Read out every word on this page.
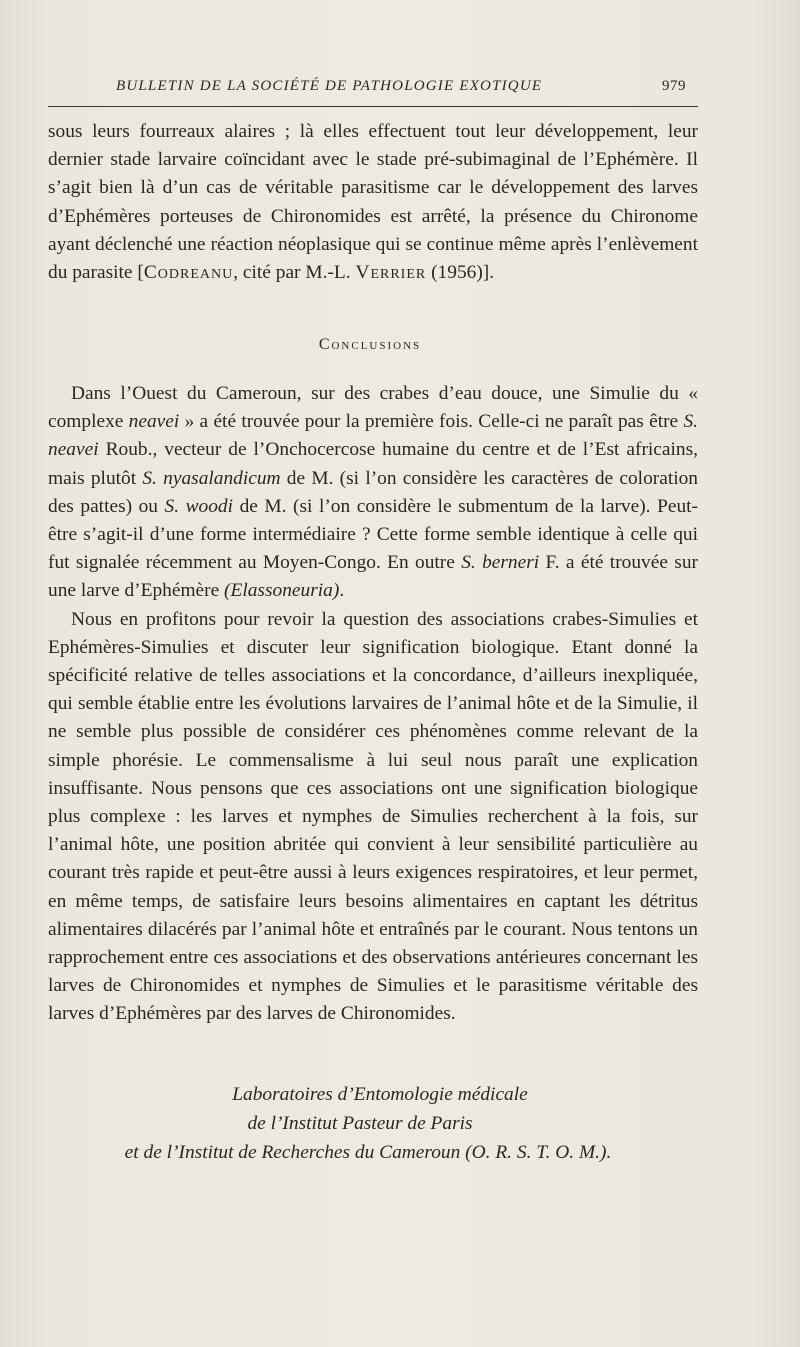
BULLETIN DE LA SOCIÉTÉ DE PATHOLOGIE EXOTIQUE	979

sous leurs fourreaux alaires ; là elles effectuent tout leur développement, leur dernier stade larvaire coïncidant avec le stade pré-subimaginal de l’Ephémère. Il s’agit bien là d’un cas de véritable parasitisme car le développement des larves d’Ephémères porteuses de Chironomides est arrêté, la présence du Chironome ayant déclenché une réaction néoplasique qui se continue même après l’enlèvement du parasite [Codreanu, cité par M.-L. Verrier (1956)].

Conclusions

Dans l’Ouest du Cameroun, sur des crabes d’eau douce, une Simulie du « complexe neavei » a été trouvée pour la première fois. Celle-ci ne paraît pas être S. neavei Roub., vecteur de l’Onchocercose humaine du centre et de l’Est africains, mais plutôt S. nyasalandicum de M. (si l’on considère les caractères de coloration des pattes) ou S. woodi de M. (si l’on considère le submentum de la larve). Peut-être s’agit-il d’une forme intermédiaire ? Cette forme semble identique à celle qui fut signalée récemment au Moyen-Congo. En outre S. berneri F. a été trouvée sur une larve d’Ephémère (Elassoneuria).

Nous en profitons pour revoir la question des associations crabes-Simulies et Ephémères-Simulies et discuter leur signification biologique. Etant donné la spécificité relative de telles associations et la concordance, d’ailleurs inexpliquée, qui semble établie entre les évolutions larvaires de l’animal hôte et de la Simulie, il ne semble plus possible de considérer ces phénomènes comme relevant de la simple phorésie. Le commensalisme à lui seul nous paraît une explication insuffisante. Nous pensons que ces associations ont une signification biologique plus complexe : les larves et nymphes de Simulies recherchent à la fois, sur l’animal hôte, une position abritée qui convient à leur sensibilité particulière au courant très rapide et peut-être aussi à leurs exigences respiratoires, et leur permet, en même temps, de satisfaire leurs besoins alimentaires en captant les détritus alimentaires dilacérés par l’animal hôte et entraînés par le courant. Nous tentons un rapprochement entre ces associations et des observations antérieures concernant les larves de Chironomides et nymphes de Simulies et le parasitisme véritable des larves d’Ephémères par des larves de Chironomides.

Laboratoires d’Entomologie médicale
de l’Institut Pasteur de Paris
et de l’Institut de Recherches du Cameroun (O. R. S. T. O. M.).
